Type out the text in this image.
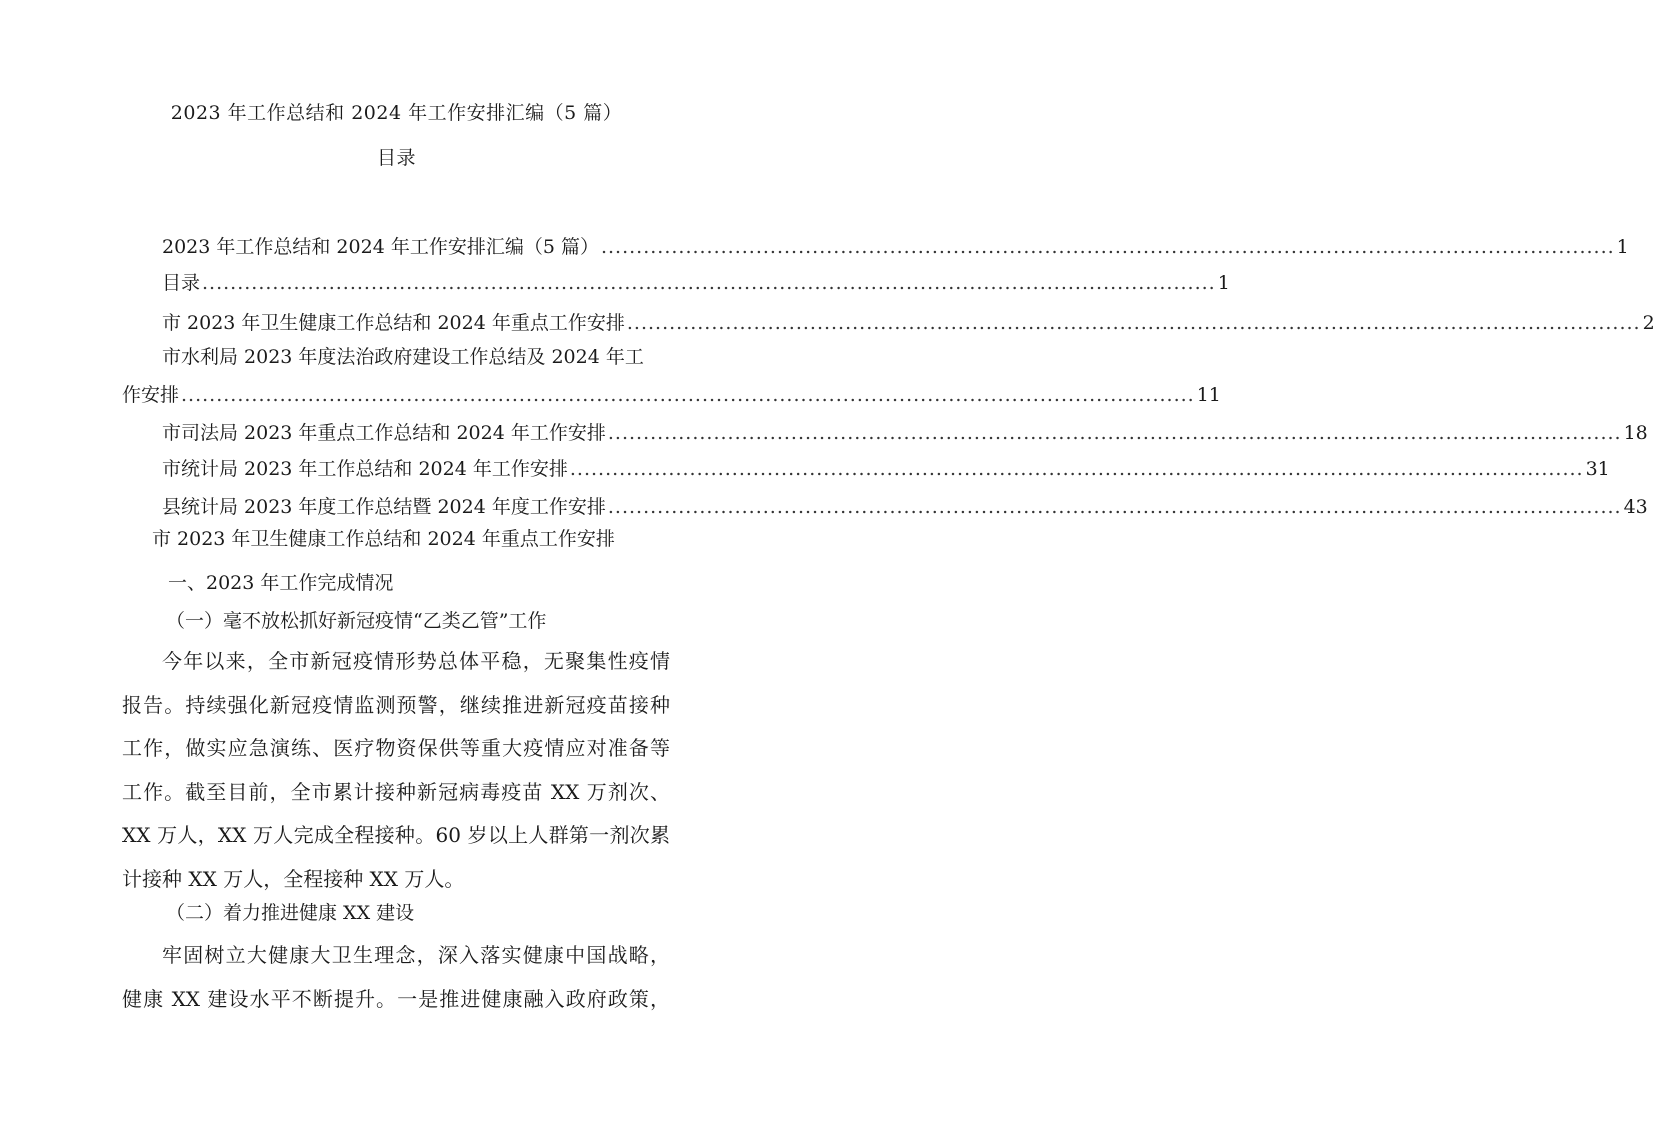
2023 年工作总结和 2024 年工作安排汇编（5 篇）
目录
2023 年工作总结和 2024 年工作安排汇编（5 篇） ................................................................................................................................................ 1
目录 ................................................................................................................................................ 1
市 2023 年卫生健康工作总结和 2024 年重点工作安排 ................................................................................................................................................ 2
市水利局 2023 年度法治政府建设工作总结及 2024 年工
作安排 ................................................................................................................................................ 11
市司法局 2023 年重点工作总结和 2024 年工作安排 ................................................................................................................................................ 18
市统计局 2023 年工作总结和 2024 年工作安排 ................................................................................................................................................ 31
县统计局 2023 年度工作总结暨 2024 年度工作安排 ................................................................................................................................................ 43
市 2023 年卫生健康工作总结和 2024 年重点工作安排
一、2023 年工作完成情况
（一）毫不放松抓好新冠疫情“乙类乙管”工作
今年以来，全市新冠疫情形势总体平稳，无聚集性疫情
报告。持续强化新冠疫情监测预警，继续推进新冠疫苗接种
工作，做实应急演练、医疗物资保供等重大疫情应对准备等
工作。截至目前，全市累计接种新冠病毒疫苗 XX 万剂次、
XX 万人，XX 万人完成全程接种。60 岁以上人群第一剂次累
计接种 XX 万人，全程接种 XX 万人。
（二）着力推进健康 XX 建设
牢固树立大健康大卫生理念，深入落实健康中国战略，
健康 XX 建设水平不断提升。一是推进健康融入政府政策，
